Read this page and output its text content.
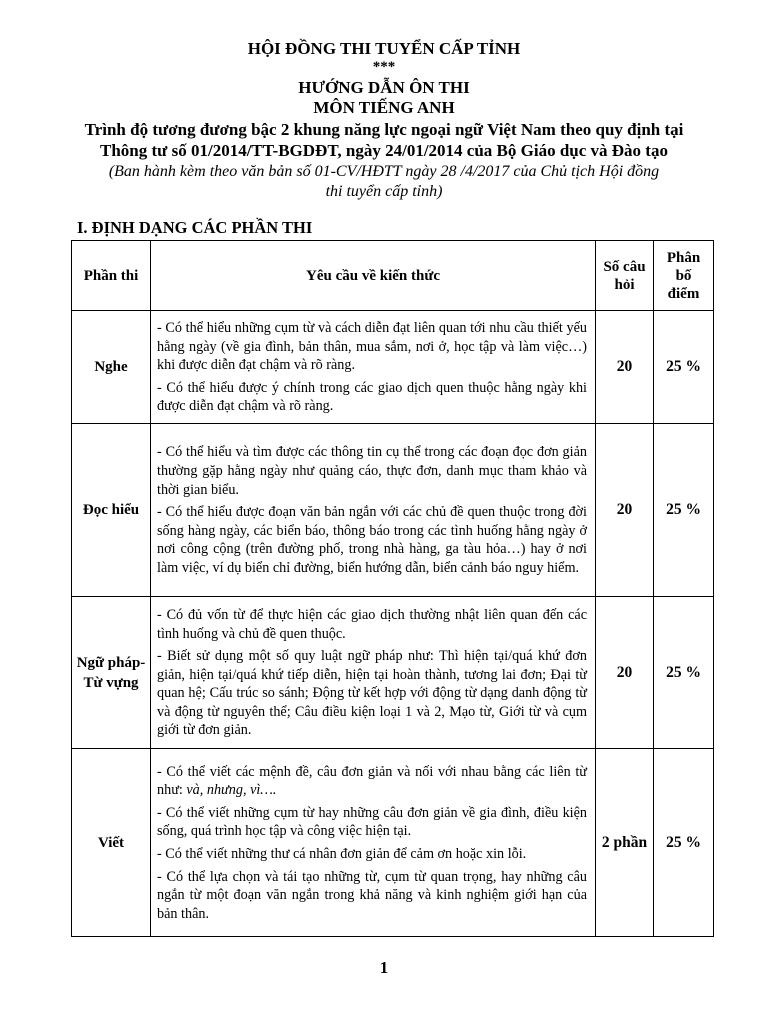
HỘI ĐỒNG THI TUYỂN CẤP TỈNH
***
HƯỚNG DẪN ÔN THI
MÔN TIẾNG ANH
Trình độ tương đương bậc 2 khung năng lực ngoại ngữ Việt Nam theo quy định tại
Thông tư số 01/2014/TT-BGDĐT, ngày 24/01/2014 của Bộ Giáo dục và Đào tạo
(Ban hành kèm theo văn bản số 01-CV/HĐTT ngày 28 /4/2017 của Chủ tịch Hội đồng
thi tuyển cấp tỉnh)
I. ĐỊNH DẠNG CÁC PHẦN THI
Phần thi	Yêu cầu về kiến thức	Số câu hỏi	Phân bố điểm
Nghe	- Có thể hiểu những cụm từ và cách diễn đạt liên quan tới nhu cầu thiết yếu hằng ngày (về gia đình, bản thân, mua sắm, nơi ở, học tập và làm việc…) khi được diễn đạt chậm và rõ ràng.

- Có thể hiểu được ý chính trong các giao dịch quen thuộc hằng ngày khi được diễn đạt chậm và rõ ràng.	20	25 %
Đọc hiểu	- Có thể hiểu và tìm được các thông tin cụ thể trong các đoạn đọc đơn giản thường gặp hằng ngày như quảng cáo, thực đơn, danh mục tham khảo và thời gian biểu.

- Có thể hiểu được đoạn văn bản ngắn với các chủ đề quen thuộc trong đời sống hàng ngày, các biển báo, thông báo trong các tình huống hằng ngày ở nơi công cộng (trên đường phố, trong nhà hàng, ga tàu hỏa…) hay ở nơi làm việc, ví dụ biển chỉ đường, biển hướng dẫn, biển cảnh báo nguy hiểm.	20	25 %
Ngữ pháp-Từ vựng	- Có đủ vốn từ để thực hiện các giao dịch thường nhật liên quan đến các tình huống và chủ đề quen thuộc.

- Biết sử dụng một số quy luật ngữ pháp như: Thì hiện tại/quá khứ đơn giản, hiện tại/quá khứ tiếp diễn, hiện tại hoàn thành, tương lai đơn; Đại từ quan hệ; Cấu trúc so sánh; Động từ kết hợp với động từ dạng danh động từ và động từ nguyên thể; Câu điều kiện loại 1 và 2, Mạo từ, Giới từ và cụm giới từ đơn giản.	20	25 %
Viết	- Có thể viết các mệnh đề, câu đơn giản và nối với nhau bằng các liên từ như: và, nhưng, vì….

- Có thể viết những cụm từ hay những câu đơn giản về gia đình, điều kiện sống, quá trình học tập và công việc hiện tại.

- Có thể viết những thư cá nhân đơn giản để cảm ơn hoặc xin lỗi.

- Có thể lựa chọn và tái tạo những từ, cụm từ quan trọng, hay những câu ngắn từ một đoạn văn ngắn trong khả năng và kinh nghiệm giới hạn của bản thân.	2 phần	25 %
1
